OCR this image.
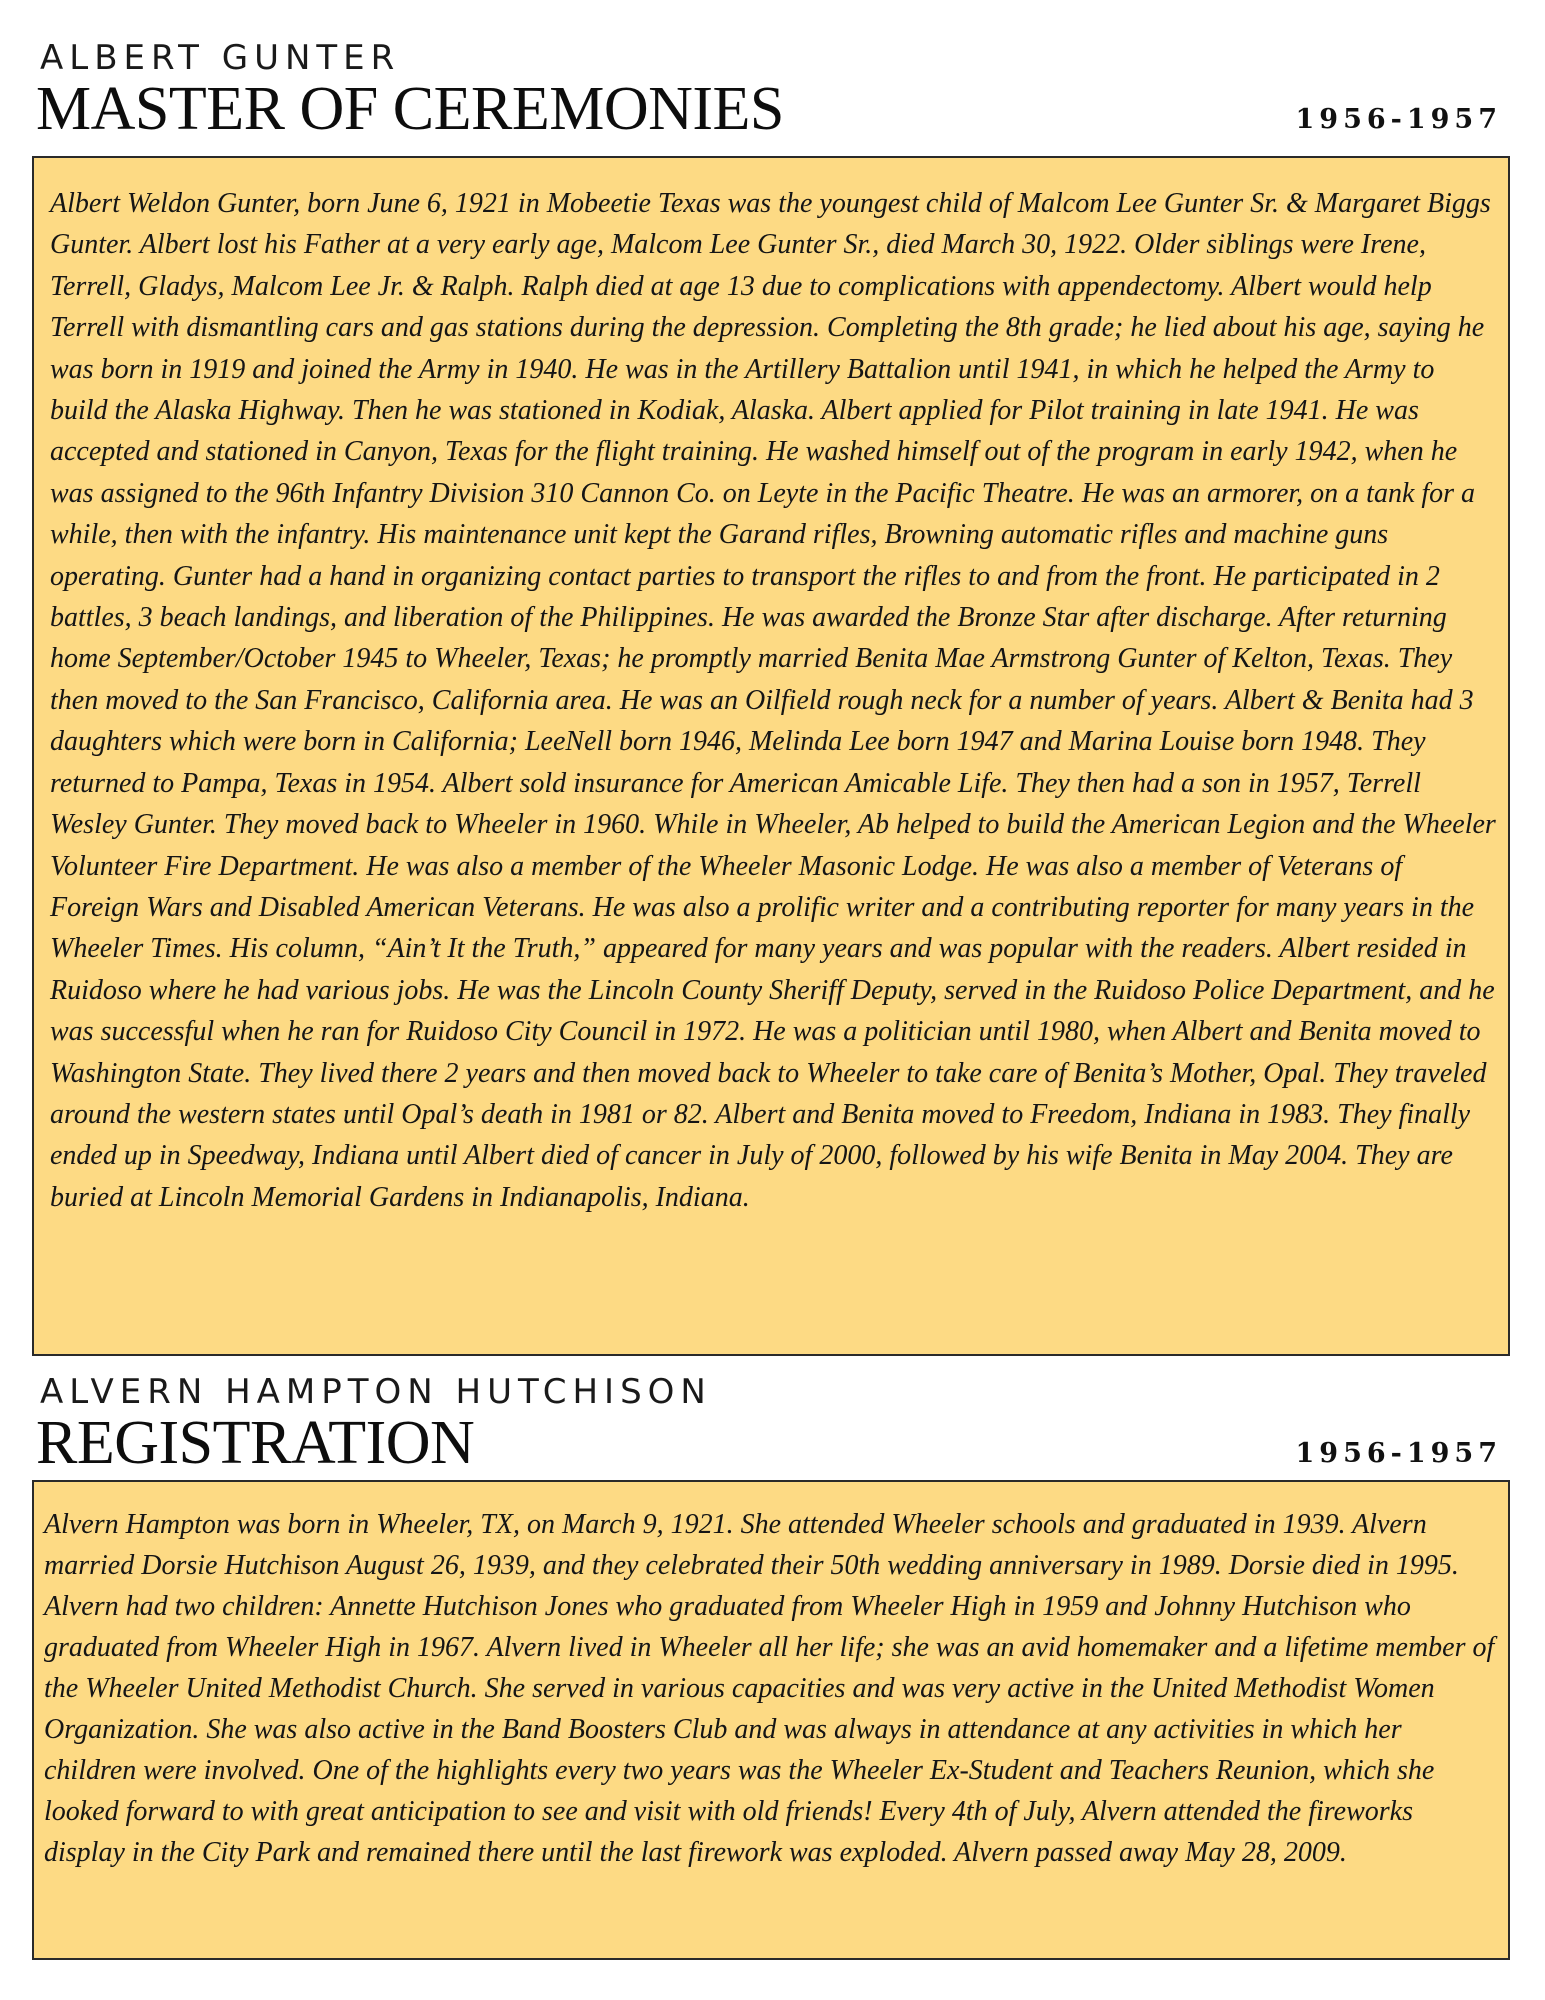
ALBERT GUNTER
MASTER OF CEREMONIES	1956-1957

Albert Weldon Gunter, born June 6, 1921 in Mobeetie Texas was the youngest child of Malcom Lee Gunter Sr. & Margaret Biggs Gunter. Albert lost his Father at a very early age, Malcom Lee Gunter Sr., died March 30, 1922. Older siblings were Irene, Terrell, Gladys, Malcom Lee Jr. & Ralph. Ralph died at age 13 due to complications with appendectomy. Albert would help Terrell with dismantling cars and gas stations during the depression. Completing the 8th grade; he lied about his age, saying he was born in 1919 and joined the Army in 1940. He was in the Artillery Battalion until 1941, in which he helped the Army to build the Alaska Highway. Then he was stationed in Kodiak, Alaska. Albert applied for Pilot training in late 1941. He was accepted and stationed in Canyon, Texas for the flight training. He washed himself out of the program in early 1942, when he was assigned to the 96th Infantry Division 310 Cannon Co. on Leyte in the Pacific Theatre. He was an armorer, on a tank for a while, then with the infantry. His maintenance unit kept the Garand rifles, Browning automatic rifles and machine guns operating. Gunter had a hand in organizing contact parties to transport the rifles to and from the front. He participated in 2 battles, 3 beach landings, and liberation of the Philippines. He was awarded the Bronze Star after discharge. After returning home September/October 1945 to Wheeler, Texas; he promptly married Benita Mae Armstrong Gunter of Kelton, Texas. They then moved to the San Francisco, California area. He was an Oilfield rough neck for a number of years. Albert & Benita had 3 daughters which were born in California; LeeNell born 1946, Melinda Lee born 1947 and Marina Louise born 1948. They returned to Pampa, Texas in 1954. Albert sold insurance for American Amicable Life. They then had a son in 1957, Terrell Wesley Gunter. They moved back to Wheeler in 1960. While in Wheeler, Ab helped to build the American Legion and the Wheeler Volunteer Fire Department. He was also a member of the Wheeler Masonic Lodge. He was also a member of Veterans of Foreign Wars and Disabled American Veterans. He was also a prolific writer and a contributing reporter for many years in the Wheeler Times. His column, “Ain’t It the Truth,” appeared for many years and was popular with the readers. Albert resided in Ruidoso where he had various jobs. He was the Lincoln County Sheriff Deputy, served in the Ruidoso Police Department, and he was successful when he ran for Ruidoso City Council in 1972. He was a politician until 1980, when Albert and Benita moved to Washington State. They lived there 2 years and then moved back to Wheeler to take care of Benita’s Mother, Opal. They traveled around the western states until Opal’s death in 1981 or 82. Albert and Benita moved to Freedom, Indiana in 1983. They finally ended up in Speedway, Indiana until Albert died of cancer in July of 2000, followed by his wife Benita in May 2004. They are buried at Lincoln Memorial Gardens in Indianapolis, Indiana.

ALVERN HAMPTON HUTCHISON
REGISTRATION	1956-1957

Alvern Hampton was born in Wheeler, TX, on March 9, 1921. She attended Wheeler schools and graduated in 1939. Alvern married Dorsie Hutchison August 26, 1939, and they celebrated their 50th wedding anniversary in 1989. Dorsie died in 1995. Alvern had two children: Annette Hutchison Jones who graduated from Wheeler High in 1959 and Johnny Hutchison who graduated from Wheeler High in 1967. Alvern lived in Wheeler all her life; she was an avid homemaker and a lifetime member of the Wheeler United Methodist Church. She served in various capacities and was very active in the United Methodist Women Organization. She was also active in the Band Boosters Club and was always in attendance at any activities in which her children were involved. One of the highlights every two years was the Wheeler Ex-Student and Teachers Reunion, which she looked forward to with great anticipation to see and visit with old friends! Every 4th of July, Alvern attended the fireworks display in the City Park and remained there until the last firework was exploded. Alvern passed away May 28, 2009.
